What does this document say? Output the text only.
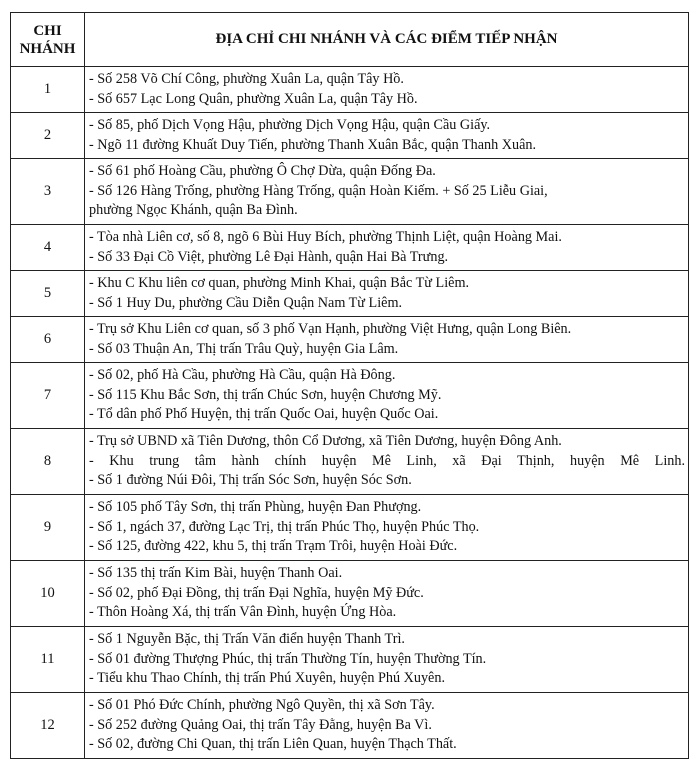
CHI
NHÁNH	ĐỊA CHỈ CHI NHÁNH VÀ CÁC ĐIỂM TIẾP NHẬN
1	- Số 258 Võ Chí Công, phường Xuân La, quận Tây Hồ.
- Số 657 Lạc Long Quân, phường Xuân La, quận Tây Hồ.

2	- Số 85, phố Dịch Vọng Hậu, phường Dịch Vọng Hậu, quận Cầu Giấy.
- Ngõ 11 đường Khuất Duy Tiến, phường Thanh Xuân Bắc, quận Thanh Xuân.

3	- Số 61 phố Hoàng Cầu, phường Ô Chợ Dừa, quận Đống Đa.
- Số 126 Hàng Trống, phường Hàng Trống, quận Hoàn Kiếm. + Số 25 Liễu Giai,
phường Ngọc Khánh, quận Ba Đình.

4	- Tòa nhà Liên cơ, số 8, ngõ 6 Bùi Huy Bích, phường Thịnh Liệt, quận Hoàng Mai.
- Số 33 Đại Cồ Việt, phường Lê Đại Hành, quận Hai Bà Trưng.

5	- Khu C Khu liên cơ quan, phường Minh Khai, quận Bắc Từ Liêm.
- Số 1 Huy Du, phường Cầu Diễn Quận Nam Từ Liêm.

6	- Trụ sở Khu Liên cơ quan, số 3 phố Vạn Hạnh, phường Việt Hưng, quận Long Biên.
- Số 03 Thuận An, Thị trấn Trâu Quỳ, huyện Gia Lâm.

7	- Số 02, phố Hà Cầu, phường Hà Cầu, quận Hà Đông.
- Số 115 Khu Bắc Sơn, thị trấn Chúc Sơn, huyện Chương Mỹ.
- Tổ dân phố Phố Huyện, thị trấn Quốc Oai, huyện Quốc Oai.

8	- Trụ sở UBND xã Tiên Dương, thôn Cổ Dương, xã Tiên Dương, huyện Đông Anh.
- Khu trung tâm hành chính huyện Mê Linh, xã Đại Thịnh, huyện Mê Linh.
- Số 1 đường Núi Đôi, Thị trấn Sóc Sơn, huyện Sóc Sơn.

9	- Số 105 phố Tây Sơn, thị trấn Phùng, huyện Đan Phượng.
- Số 1, ngách 37, đường Lạc Trị, thị trấn Phúc Thọ, huyện Phúc Thọ.
- Số 125, đường 422, khu 5, thị trấn Trạm Trôi, huyện Hoài Đức.

10	- Số 135 thị trấn Kim Bài, huyện Thanh Oai.
- Số 02, phố Đại Đồng, thị trấn Đại Nghĩa, huyện Mỹ Đức.
- Thôn Hoàng Xá, thị trấn Vân Đình, huyện Ứng Hòa.

11	- Số 1 Nguyễn Bặc, thị Trấn Văn điển huyện Thanh Trì.
- Số 01 đường Thượng Phúc, thị trấn Thường Tín, huyện Thường Tín.
- Tiểu khu Thao Chính, thị trấn Phú Xuyên, huyện Phú Xuyên.

12	- Số 01 Phó Đức Chính, phường Ngô Quyền, thị xã Sơn Tây.
- Số 252 đường Quảng Oai, thị trấn Tây Đằng, huyện Ba Vì.
- Số 02, đường Chi Quan, thị trấn Liên Quan, huyện Thạch Thất.
